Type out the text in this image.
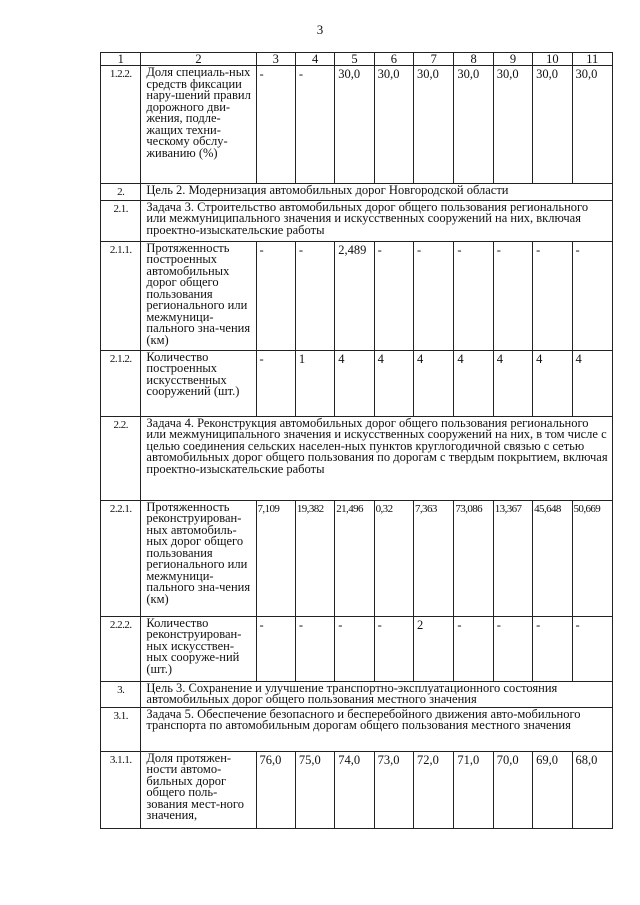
3
1	2	3	4	5	6	7	8	9	10	11
1.2.2.	Доля специаль-ных средств фиксации нару-шений правил дорожного дви-жения, подле-жащих техни-ческому обслу-живанию (%)	-	-	30,0	30,0	30,0	30,0	30,0	30,0	30,0
2.	Цель 2. Модернизация автомобильных дорог Новгородской области									
2.1.	Задача 3. Строительство автомобильных дорог общего пользования регионального или межмуниципального значения и искусственных сооружений на них, включая проектно-изыскательские работы									
2.1.1.	Протяженность построенных автомобильных дорог общего пользования регионального или межмуници-пального зна-чения (км)	-	-	2,489	-	-	-	-	-	-
2.1.2.	Количество построенных искусственных сооружений (шт.)	-	1	4	4	4	4	4	4	4
2.2.	Задача 4. Реконструкция автомобильных дорог общего пользования регионального или межмуниципального значения и искусственных сооружений на них, в том числе с целью соединения сельских населен-ных пунктов круглогодичной связью с сетью автомобильных дорог общего пользования по дорогам с твердым покрытием, включая проектно-изыскательские работы									
2.2.1.	Протяженность реконструирован-ных автомобиль-ных дорог общего пользования регионального или межмуници-пального зна-чения (км)	7,109	19,382	21,496	0,32	7,363	73,086	13,367	45,648	50,669
2.2.2.	Количество реконструирован-ных искусствен-ных сооруже-ний (шт.)	-	-	-	-	2	-	-	-	-
3.	Цель 3. Сохранение и улучшение транспортно-эксплуатационного состояния автомобильных дорог общего пользования местного значения									
3.1.	Задача 5. Обеспечение безопасного и бесперебойного движения авто-мобильного транспорта по автомобильным дорогам общего пользования местного значения									
3.1.1.	Доля протяжен-ности автомо-бильных дорог общего поль-зования мест-ного значения,	76,0	75,0	74,0	73,0	72,0	71,0	70,0	69,0	68,0
